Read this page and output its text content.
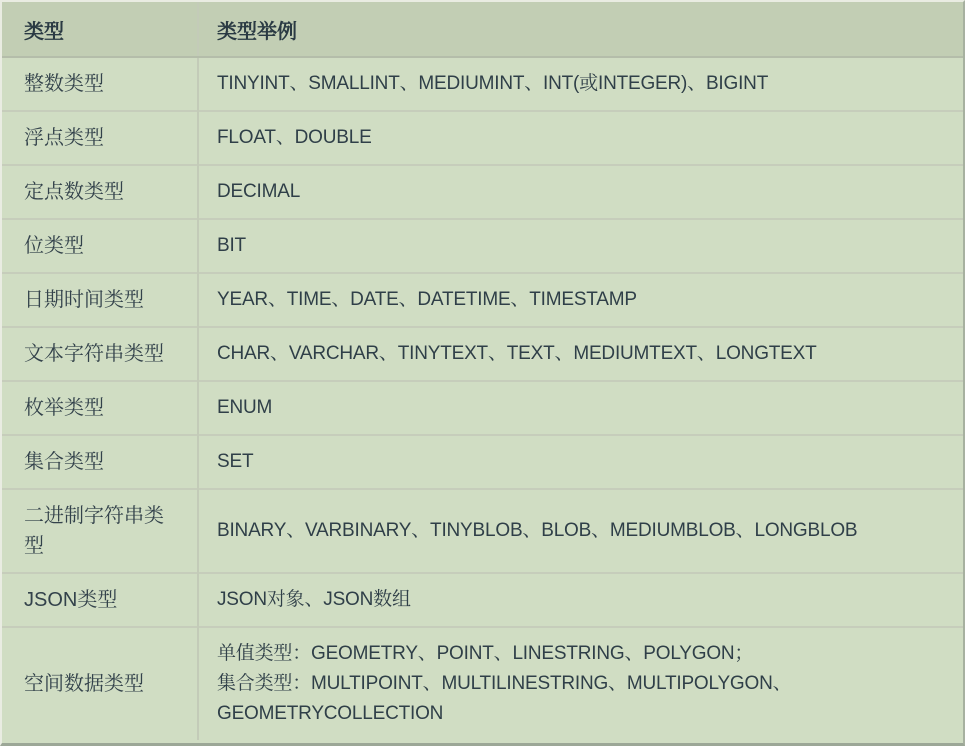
类型	类型举例
整数类型	TINYINT、SMALLINT、MEDIUMINT、INT(或INTEGER)、BIGINT

浮点类型	FLOAT、DOUBLE

定点数类型	DECIMAL

位类型	BIT

日期时间类型	YEAR、TIME、DATE、DATETIME、TIMESTAMP

文本字符串类型	CHAR、VARCHAR、TINYTEXT、TEXT、MEDIUMTEXT、LONGTEXT

枚举类型	ENUM

集合类型	SET

二进制字符串类型	BINARY、VARBINARY、TINYBLOB、BLOB、MEDIUMBLOB、LONGBLOB

JSON类型	JSON对象、JSON数组

空间数据类型	单值类型：GEOMETRY、POINT、LINESTRING、POLYGON；
集合类型：MULTIPOINT、MULTILINESTRING、MULTIPOLYGON、GEOMETRYCOLLECTION
